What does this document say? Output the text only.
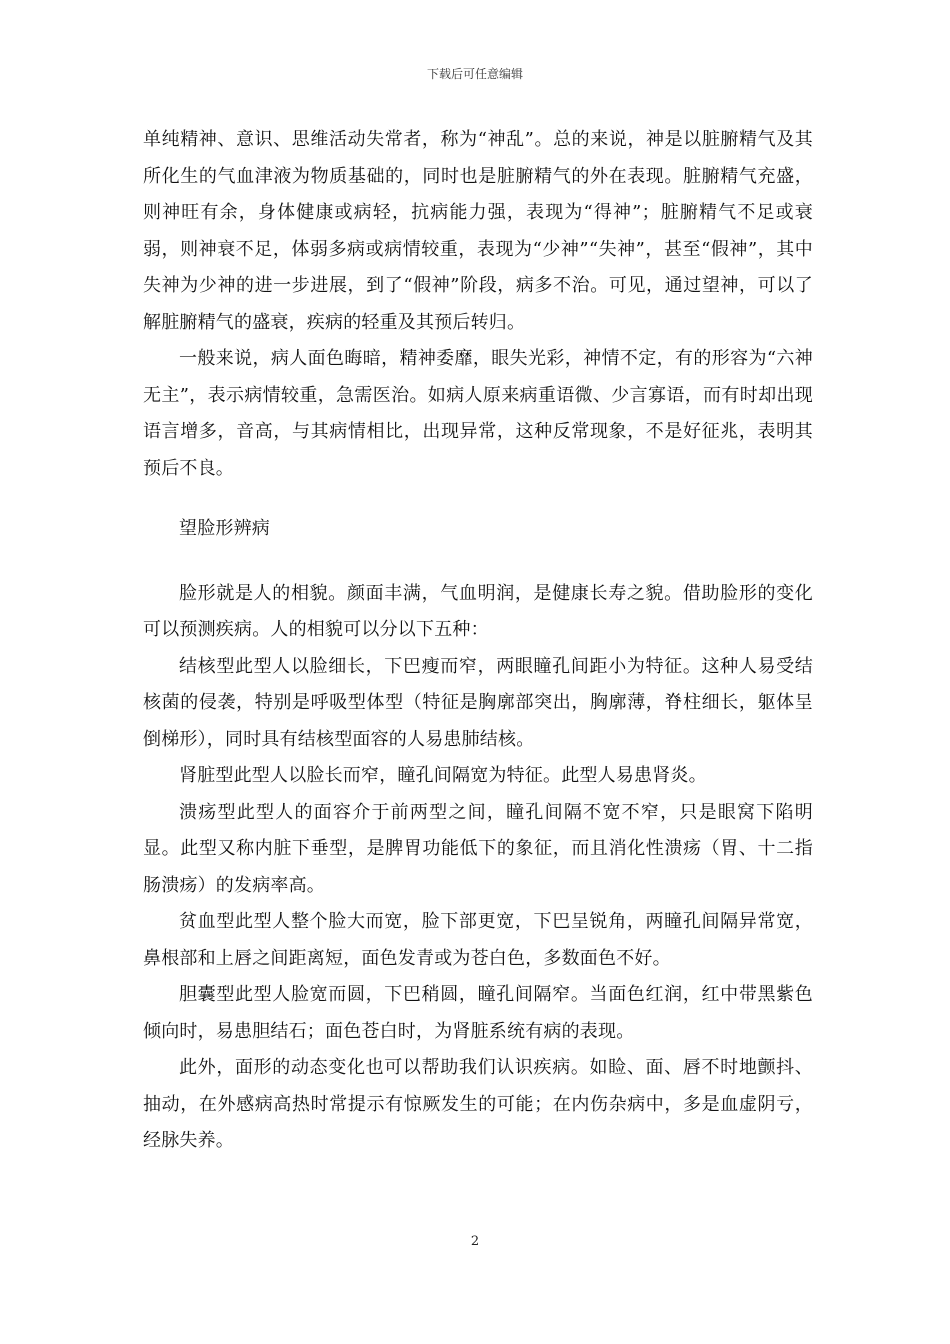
下载后可任意编辑

单纯精神、意识、思维活动失常者，称为“神乱”。总的来说，神是以脏腑精气及其所化生的气血津液为物质基础的，同时也是脏腑精气的外在表现。脏腑精气充盛，则神旺有余，身体健康或病轻，抗病能力强，表现为“得神”；脏腑精气不足或衰弱，则神衰不足，体弱多病或病情较重，表现为“少神”“失神”，甚至“假神”，其中失神为少神的进一步进展，到了“假神”阶段，病多不治。可见，通过望神，可以了解脏腑精气的盛衰，疾病的轻重及其预后转归。

一般来说，病人面色晦暗，精神委靡，眼失光彩，神情不定，有的形容为“六神无主”，表示病情较重，急需医治。如病人原来病重语微、少言寡语，而有时却出现语言增多，音高，与其病情相比，出现异常，这种反常现象，不是好征兆，表明其预后不良。

望脸形辨病

脸形就是人的相貌。颜面丰满，气血明润，是健康长寿之貌。借助脸形的变化可以预测疾病。人的相貌可以分以下五种：

结核型此型人以脸细长，下巴瘦而窄，两眼瞳孔间距小为特征。这种人易受结核菌的侵袭，特别是呼吸型体型（特征是胸廓部突出，胸廓薄，脊柱细长，躯体呈倒梯形），同时具有结核型面容的人易患肺结核。

肾脏型此型人以脸长而窄，瞳孔间隔宽为特征。此型人易患肾炎。

溃疡型此型人的面容介于前两型之间，瞳孔间隔不宽不窄，只是眼窝下陷明显。此型又称内脏下垂型，是脾胃功能低下的象征，而且消化性溃疡（胃、十二指肠溃疡）的发病率高。

贫血型此型人整个脸大而宽，脸下部更宽，下巴呈锐角，两瞳孔间隔异常宽，鼻根部和上唇之间距离短，面色发青或为苍白色，多数面色不好。

胆囊型此型人脸宽而圆，下巴稍圆，瞳孔间隔窄。当面色红润，红中带黑紫色倾向时，易患胆结石；面色苍白时，为肾脏系统有病的表现。

此外，面形的动态变化也可以帮助我们认识疾病。如睑、面、唇不时地颤抖、抽动，在外感病高热时常提示有惊厥发生的可能；在内伤杂病中，多是血虚阴亏，经脉失养。

2
